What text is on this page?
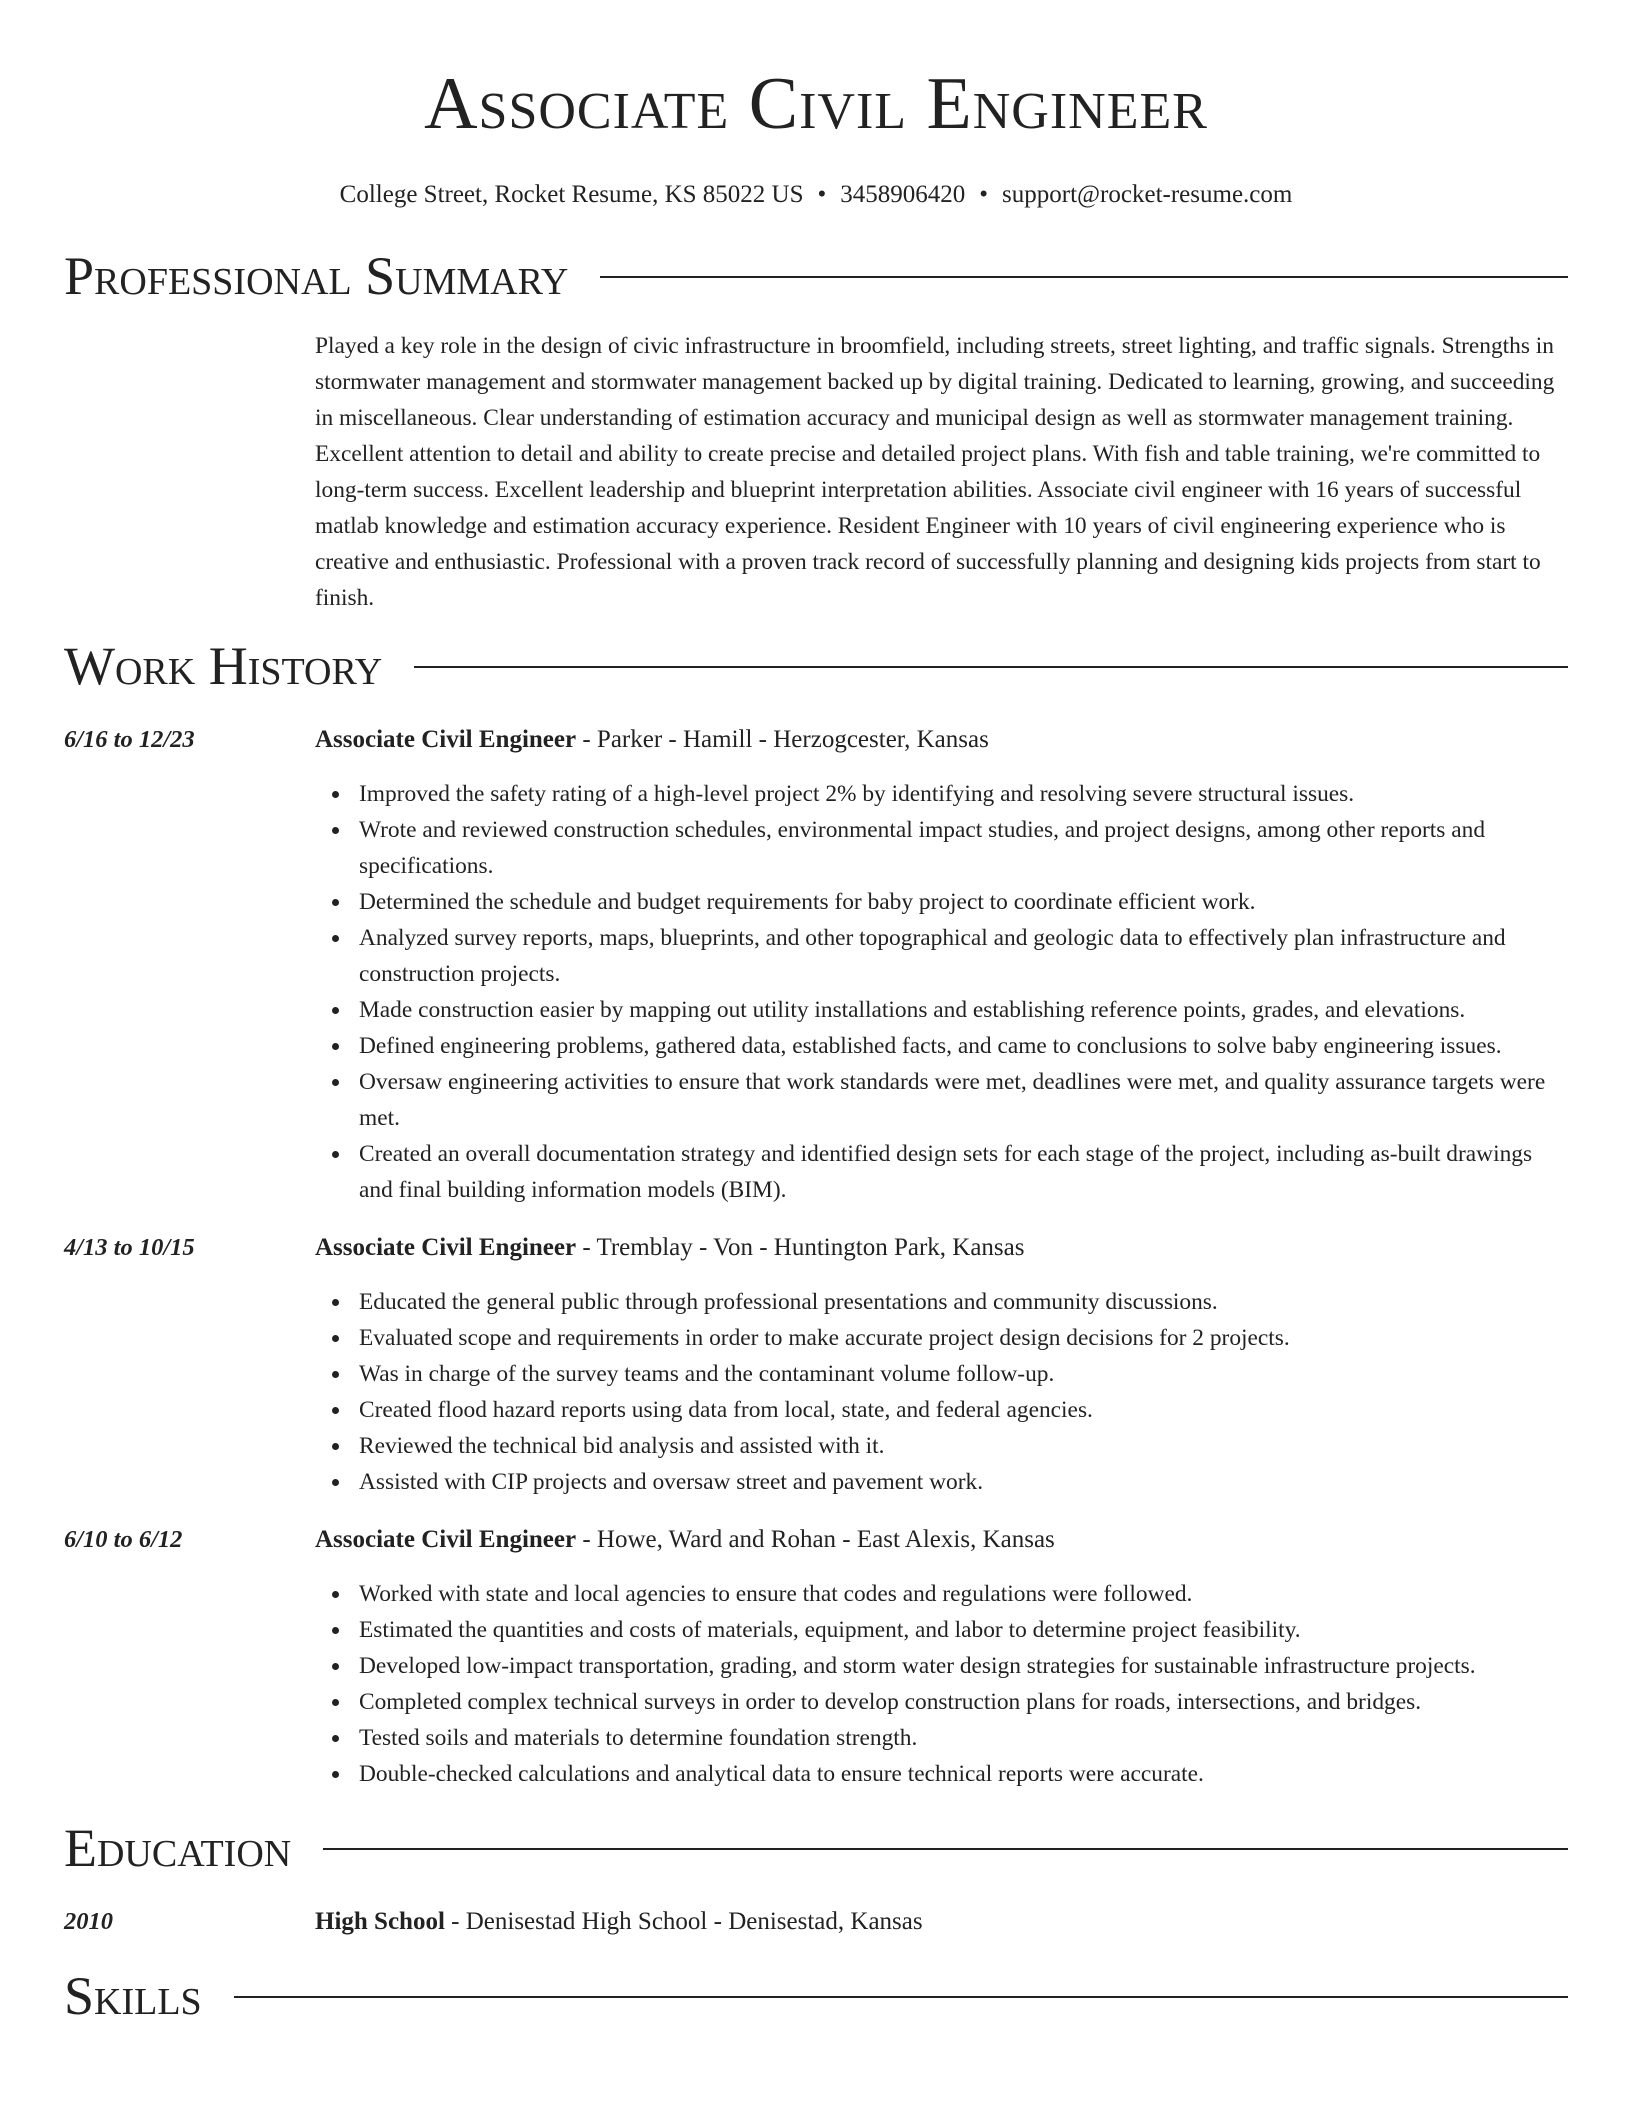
Associate Civil Engineer
College Street, Rocket Resume, KS 85022 US • 3458906420 • support@rocket-resume.com
Professional Summary

Played a key role in the design of civic infrastructure in broomfield, including streets, street lighting, and traffic signals. Strengths in stormwater management and stormwater management backed up by digital training. Dedicated to learning, growing, and succeeding in miscellaneous. Clear understanding of estimation accuracy and municipal design as well as stormwater management training. Excellent attention to detail and ability to create precise and detailed project plans. With fish and table training, we're committed to long-term success. Excellent leadership and blueprint interpretation abilities. Associate civil engineer with 16 years of successful matlab knowledge and estimation accuracy experience. Resident Engineer with 10 years of civil engineering experience who is creative and enthusiastic. Professional with a proven track record of successfully planning and designing kids projects from start to finish.

Work History
6/16 to 12/23	Associate Civil Engineer - Parker - Hamill - Herzogcester, Kansas
Improved the safety rating of a high-level project 2% by identifying and resolving severe structural issues.
Wrote and reviewed construction schedules, environmental impact studies, and project designs, among other reports and specifications.
Determined the schedule and budget requirements for baby project to coordinate efficient work.
Analyzed survey reports, maps, blueprints, and other topographical and geologic data to effectively plan infrastructure and construction projects.
Made construction easier by mapping out utility installations and establishing reference points, grades, and elevations.
Defined engineering problems, gathered data, established facts, and came to conclusions to solve baby engineering issues.
Oversaw engineering activities to ensure that work standards were met, deadlines were met, and quality assurance targets were met.
Created an overall documentation strategy and identified design sets for each stage of the project, including as-built drawings and final building information models (BIM).
4/13 to 10/15	Associate Civil Engineer - Tremblay - Von - Huntington Park, Kansas
Educated the general public through professional presentations and community discussions.
Evaluated scope and requirements in order to make accurate project design decisions for 2 projects.
Was in charge of the survey teams and the contaminant volume follow-up.
Created flood hazard reports using data from local, state, and federal agencies.
Reviewed the technical bid analysis and assisted with it.
Assisted with CIP projects and oversaw street and pavement work.
6/10 to 6/12	Associate Civil Engineer - Howe, Ward and Rohan - East Alexis, Kansas
Worked with state and local agencies to ensure that codes and regulations were followed.
Estimated the quantities and costs of materials, equipment, and labor to determine project feasibility.
Developed low-impact transportation, grading, and storm water design strategies for sustainable infrastructure projects.
Completed complex technical surveys in order to develop construction plans for roads, intersections, and bridges.
Tested soils and materials to determine foundation strength.
Double-checked calculations and analytical data to ensure technical reports were accurate.
Education
2010	High School - Denisestad High School - Denisestad, Kansas
Skills
